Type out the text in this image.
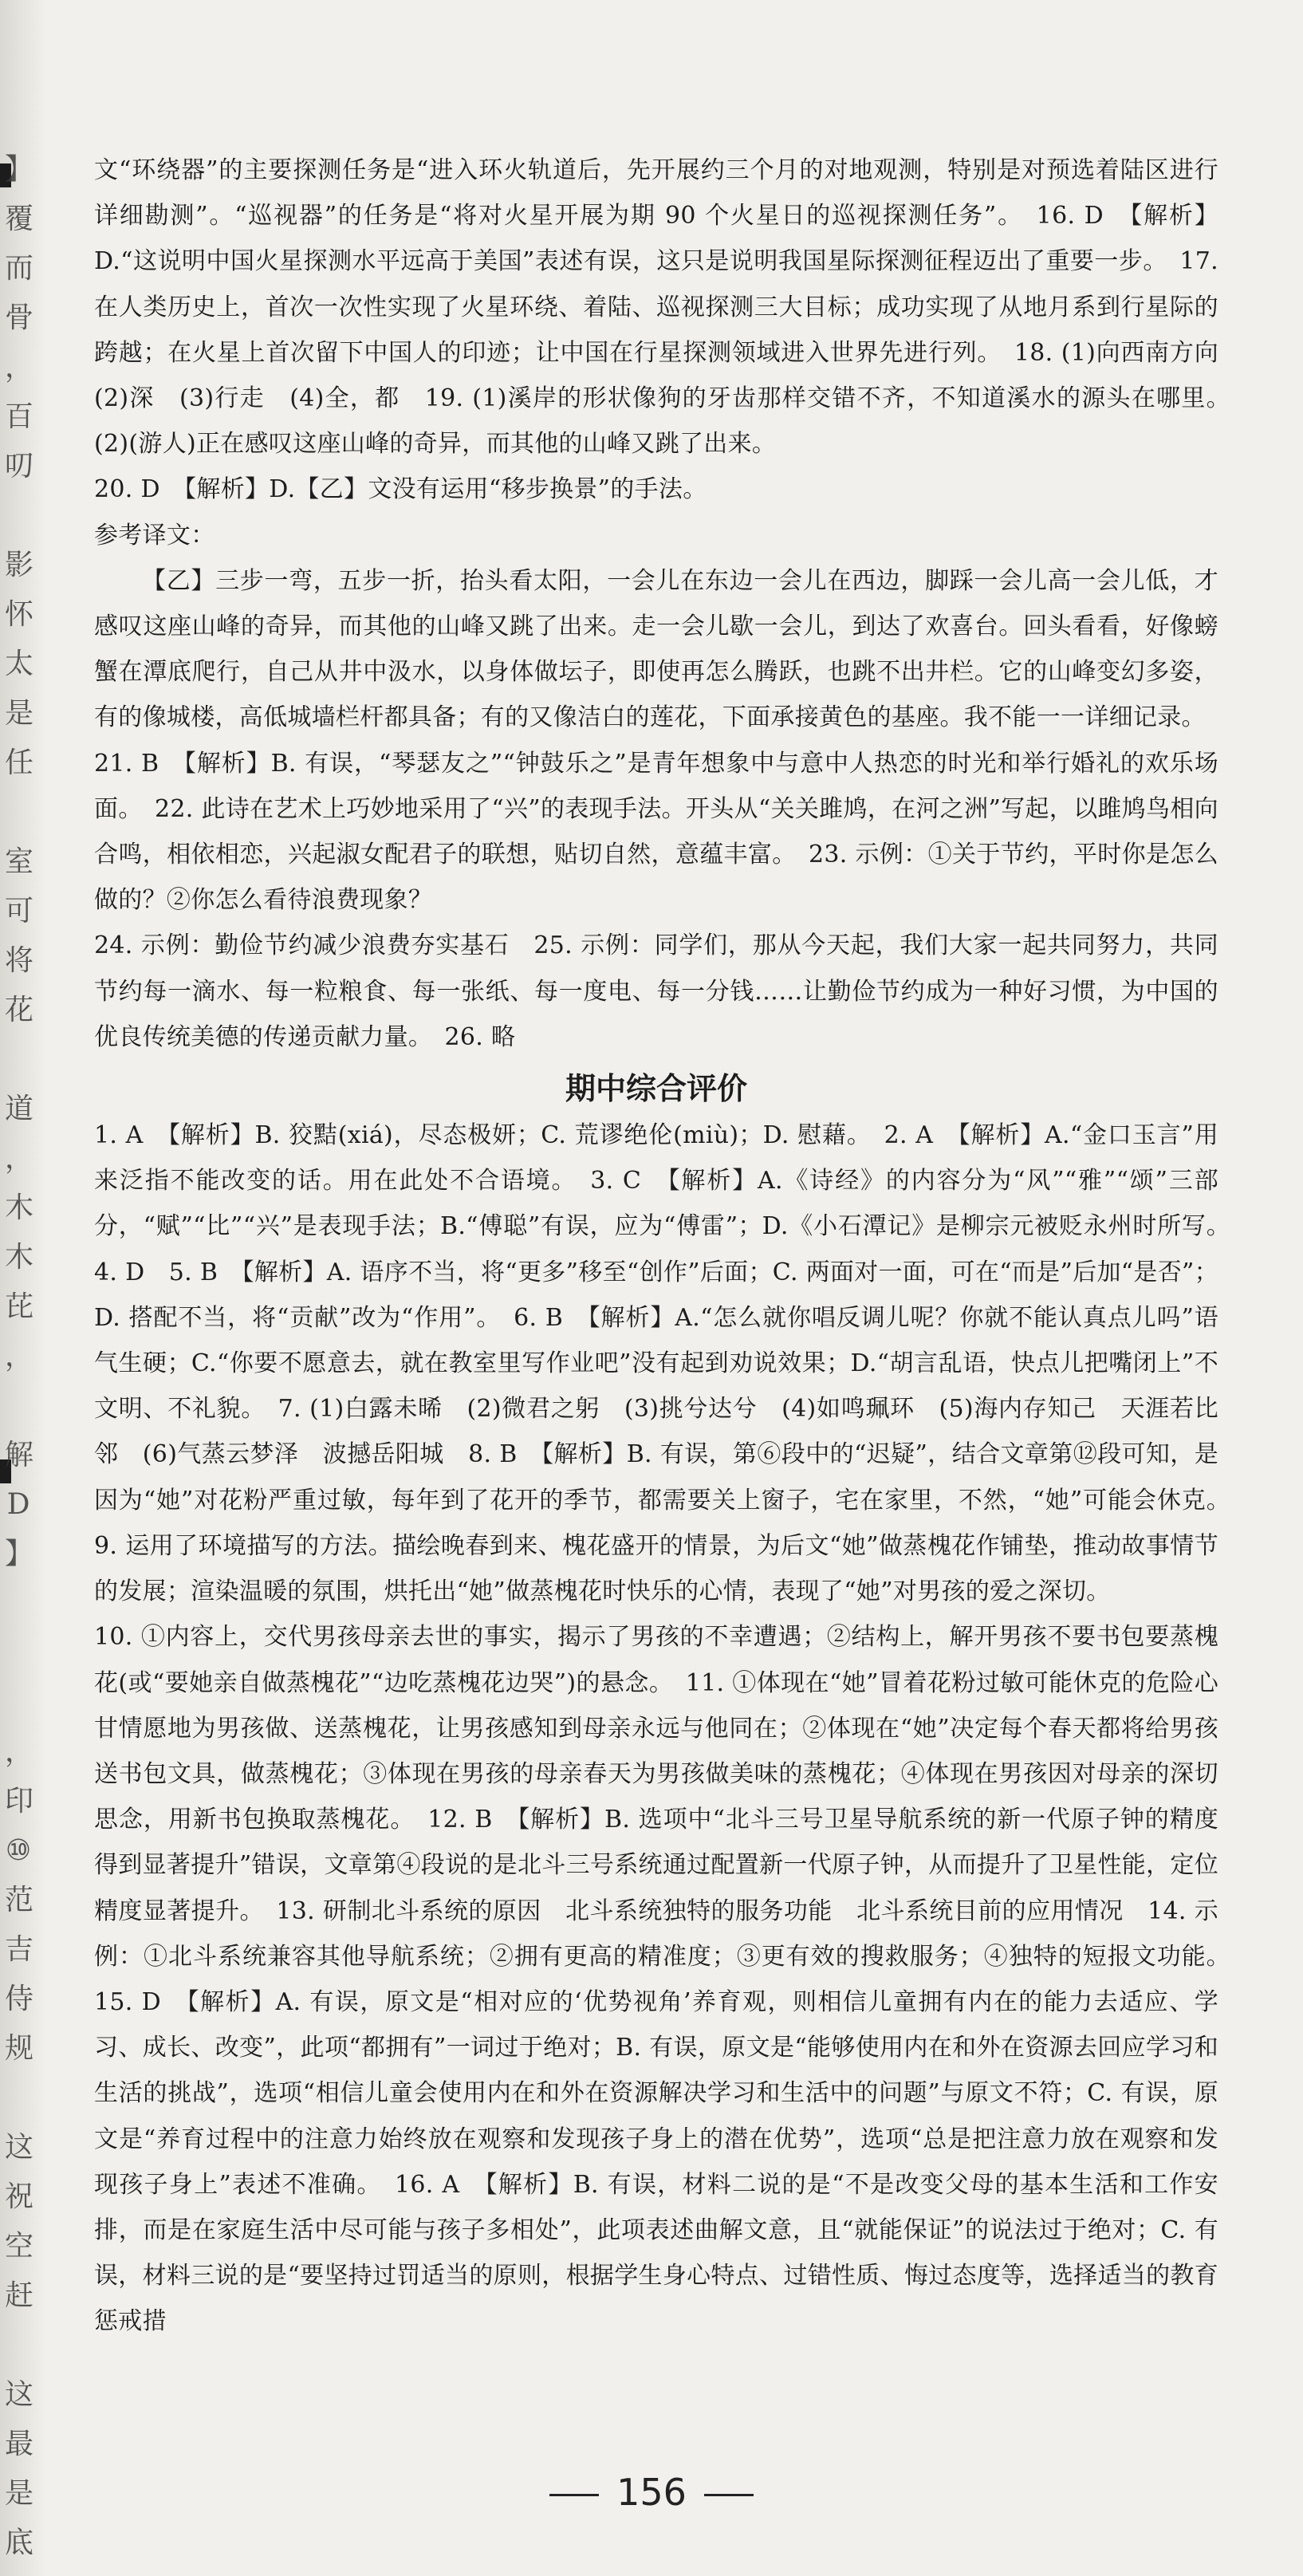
】
覆
而
骨
，
百
叨
影
怀
太
是
任
室
可
将
花
道
，
木
木
芘
，
解
D
】
，
印
⑩
范
吉
侍
规
这
祝
空
赶
这
最
是
底

文“环绕器”的主要探测任务是“进入环火轨道后，先开展约三个月的对地观测，特别是对预选着陆区进行详细勘测”。“巡视器”的任务是“将对火星开展为期 90 个火星日的巡视探测任务”。　16. D　【解析】D.“这说明中国火星探测水平远高于美国”表述有误，这只是说明我国星际探测征程迈出了重要一步。　17. 在人类历史上，首次一次性实现了火星环绕、着陆、巡视探测三大目标；成功实现了从地月系到行星际的跨越；在火星上首次留下中国人的印迹；让中国在行星探测领域进入世界先进行列。　18. (1)向西南方向　(2)深　(3)行走　(4)全，都　19. (1)溪岸的形状像狗的牙齿那样交错不齐，不知道溪水的源头在哪里。　(2)(游人)正在感叹这座山峰的奇异，而其他的山峰又跳了出来。

20. D　【解析】D.【乙】文没有运用“移步换景”的手法。

参考译文：

【乙】三步一弯，五步一折，抬头看太阳，一会儿在东边一会儿在西边，脚踩一会儿高一会儿低，才感叹这座山峰的奇异，而其他的山峰又跳了出来。走一会儿歇一会儿，到达了欢喜台。回头看看，好像螃蟹在潭底爬行，自己从井中汲水，以身体做坛子，即使再怎么腾跃，也跳不出井栏。它的山峰变幻多姿，有的像城楼，高低城墙栏杆都具备；有的又像洁白的莲花，下面承接黄色的基座。我不能一一详细记录。

21. B　【解析】B. 有误，“琴瑟友之”“钟鼓乐之”是青年想象中与意中人热恋的时光和举行婚礼的欢乐场面。　22. 此诗在艺术上巧妙地采用了“兴”的表现手法。开头从“关关雎鸠，在河之洲”写起，以雎鸠鸟相向合鸣，相依相恋，兴起淑女配君子的联想，贴切自然，意蕴丰富。　23. 示例：①关于节约，平时你是怎么做的？②你怎么看待浪费现象？

24. 示例：勤俭节约减少浪费夯实基石　25. 示例：同学们，那从今天起，我们大家一起共同努力，共同节约每一滴水、每一粒粮食、每一张纸、每一度电、每一分钱……让勤俭节约成为一种好习惯，为中国的优良传统美德的传递贡献力量。　26. 略

期中综合评价

1. A　【解析】B. 狡黠(xiá)，尽态极妍；C. 荒谬绝伦(miù)；D. 慰藉。　2. A　【解析】A.“金口玉言”用来泛指不能改变的话。用在此处不合语境。　3. C　【解析】A.《诗经》的内容分为“风”“雅”“颂”三部分，“赋”“比”“兴”是表现手法；B.“傅聪”有误，应为“傅雷”；D.《小石潭记》是柳宗元被贬永州时所写。　4. D　5. B　【解析】A. 语序不当，将“更多”移至“创作”后面；C. 两面对一面，可在“而是”后加“是否”；D. 搭配不当，将“贡献”改为“作用”。　6. B　【解析】A.“怎么就你唱反调儿呢？你就不能认真点儿吗”语气生硬；C.“你要不愿意去，就在教室里写作业吧”没有起到劝说效果；D.“胡言乱语，快点儿把嘴闭上”不文明、不礼貌。　7. (1)白露未晞　(2)微君之躬　(3)挑兮达兮　(4)如鸣珮环　(5)海内存知己　天涯若比邻　(6)气蒸云梦泽　波撼岳阳城　8. B　【解析】B. 有误，第⑥段中的“迟疑”，结合文章第⑫段可知，是因为“她”对花粉严重过敏，每年到了花开的季节，都需要关上窗子，宅在家里，不然，“她”可能会休克。　9. 运用了环境描写的方法。描绘晚春到来、槐花盛开的情景，为后文“她”做蒸槐花作铺垫，推动故事情节的发展；渲染温暖的氛围，烘托出“她”做蒸槐花时快乐的心情，表现了“她”对男孩的爱之深切。

10. ①内容上，交代男孩母亲去世的事实，揭示了男孩的不幸遭遇；②结构上，解开男孩不要书包要蒸槐花(或“要她亲自做蒸槐花”“边吃蒸槐花边哭”)的悬念。　11. ①体现在“她”冒着花粉过敏可能休克的危险心甘情愿地为男孩做、送蒸槐花，让男孩感知到母亲永远与他同在；②体现在“她”决定每个春天都将给男孩送书包文具，做蒸槐花；③体现在男孩的母亲春天为男孩做美味的蒸槐花；④体现在男孩因对母亲的深切思念，用新书包换取蒸槐花。　12. B　【解析】B. 选项中“北斗三号卫星导航系统的新一代原子钟的精度得到显著提升”错误，文章第④段说的是北斗三号系统通过配置新一代原子钟，从而提升了卫星性能，定位精度显著提升。　13. 研制北斗系统的原因　北斗系统独特的服务功能　北斗系统目前的应用情况　14. 示例：①北斗系统兼容其他导航系统；②拥有更高的精准度；③更有效的搜救服务；④独特的短报文功能。　15. D　【解析】A. 有误，原文是“相对应的‘优势视角’养育观，则相信儿童拥有内在的能力去适应、学习、成长、改变”，此项“都拥有”一词过于绝对；B. 有误，原文是“能够使用内在和外在资源去回应学习和生活的挑战”，选项“相信儿童会使用内在和外在资源解决学习和生活中的问题”与原文不符；C. 有误，原文是“养育过程中的注意力始终放在观察和发现孩子身上的潜在优势”，选项“总是把注意力放在观察和发现孩子身上”表述不准确。　16. A　【解析】B. 有误，材料二说的是“不是改变父母的基本生活和工作安排，而是在家庭生活中尽可能与孩子多相处”，此项表述曲解文意，且“就能保证”的说法过于绝对；C. 有误，材料三说的是“要坚持过罚适当的原则，根据学生身心特点、过错性质、悔过态度等，选择适当的教育惩戒措

156
